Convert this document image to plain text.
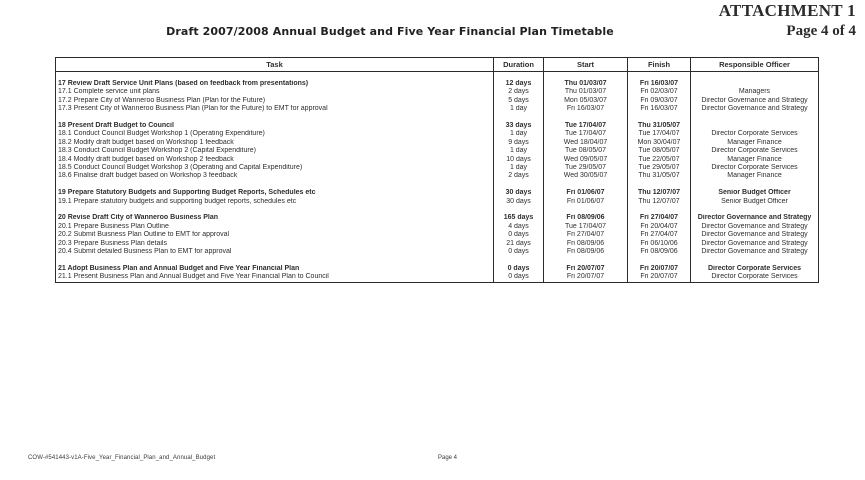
ATTACHMENT 1
Page 4 of 4
Draft 2007/2008 Annual Budget and Five Year Financial Plan Timetable
Task	Duration	Start	Finish	Responsible Officer

17 Review Draft Service Unit Plans (based on feedback from presentations)	12 days	Thu 01/03/07	Fri 16/03/07	
17.1 Complete service unit plans	2 days	Thu 01/03/07	Fri 02/03/07	Managers
17.2 Prepare City of Wanneroo Business Plan (Plan for the Future)	5 days	Mon 05/03/07	Fri 09/03/07	Director Governance and Strategy
17.3 Present City of Wanneroo Business Plan (Plan for the Future) to EMT for approval	1 day	Fri 16/03/07	Fri 16/03/07	Director Governance and Strategy

18 Present Draft Budget to Council	33 days	Tue 17/04/07	Thu 31/05/07	
18.1 Conduct Council Budget Workshop 1 (Operating Expenditure)	1 day	Tue 17/04/07	Tue 17/04/07	Director Corporate Services
18.2 Modify draft budget based on Workshop 1 feedback	9 days	Wed 18/04/07	Mon 30/04/07	Manager Finance
18.3 Conduct Council Budget Workshop 2 (Capital Expenditure)	1 day	Tue 08/05/07	Tue 08/05/07	Director Corporate Services
18.4 Modify draft budget based on Workshop 2 feedback	10 days	Wed 09/05/07	Tue 22/05/07	Manager Finance
18.5 Conduct Council Budget Workshop 3 (Operating and Capital Expenditure)	1 day	Tue 29/05/07	Tue 29/05/07	Director Corporate Services
18.6 Finalise draft budget based on Workshop 3 feedback	2 days	Wed 30/05/07	Thu 31/05/07	Manager Finance

19 Prepare Statutory Budgets and Supporting Budget Reports, Schedules etc	30 days	Fri 01/06/07	Thu 12/07/07	Senior Budget Officer
19.1 Prepare statutory budgets and supporting budget reports, schedules etc	30 days	Fri 01/06/07	Thu 12/07/07	Senior Budget Officer

20 Revise Draft City of Wanneroo Business Plan	165 days	Fri 08/09/06	Fri 27/04/07	Director Governance and Strategy
20.1 Prepare Business Plan Outline	4 days	Tue 17/04/07	Fri 20/04/07	Director Governance and Strategy
20.2 Submit Buisness Plan Outline to EMT for approval	0 days	Fri 27/04/07	Fri 27/04/07	Director Governance and Strategy
20.3 Prepare Business Plan details	21 days	Fri 08/09/06	Fri 06/10/06	Director Governance and Strategy
20.4 Submit detailed Business Plan to EMT for approval	0 days	Fri 08/09/06	Fri 08/09/06	Director Governance and Strategy

21 Adopt Business Plan and Annual Budget and Five Year Financial Plan	0 days	Fri 20/07/07	Fri 20/07/07	Director Corporate Services
21.1 Present Business Plan and Annual Budget and Five Year Financial Plan to Council	0 days	Fri 20/07/07	Fri 20/07/07	Director Corporate Services
COW-#541443-v1A-Five_Year_Financial_Plan_and_Annual_Budget	Page 4
